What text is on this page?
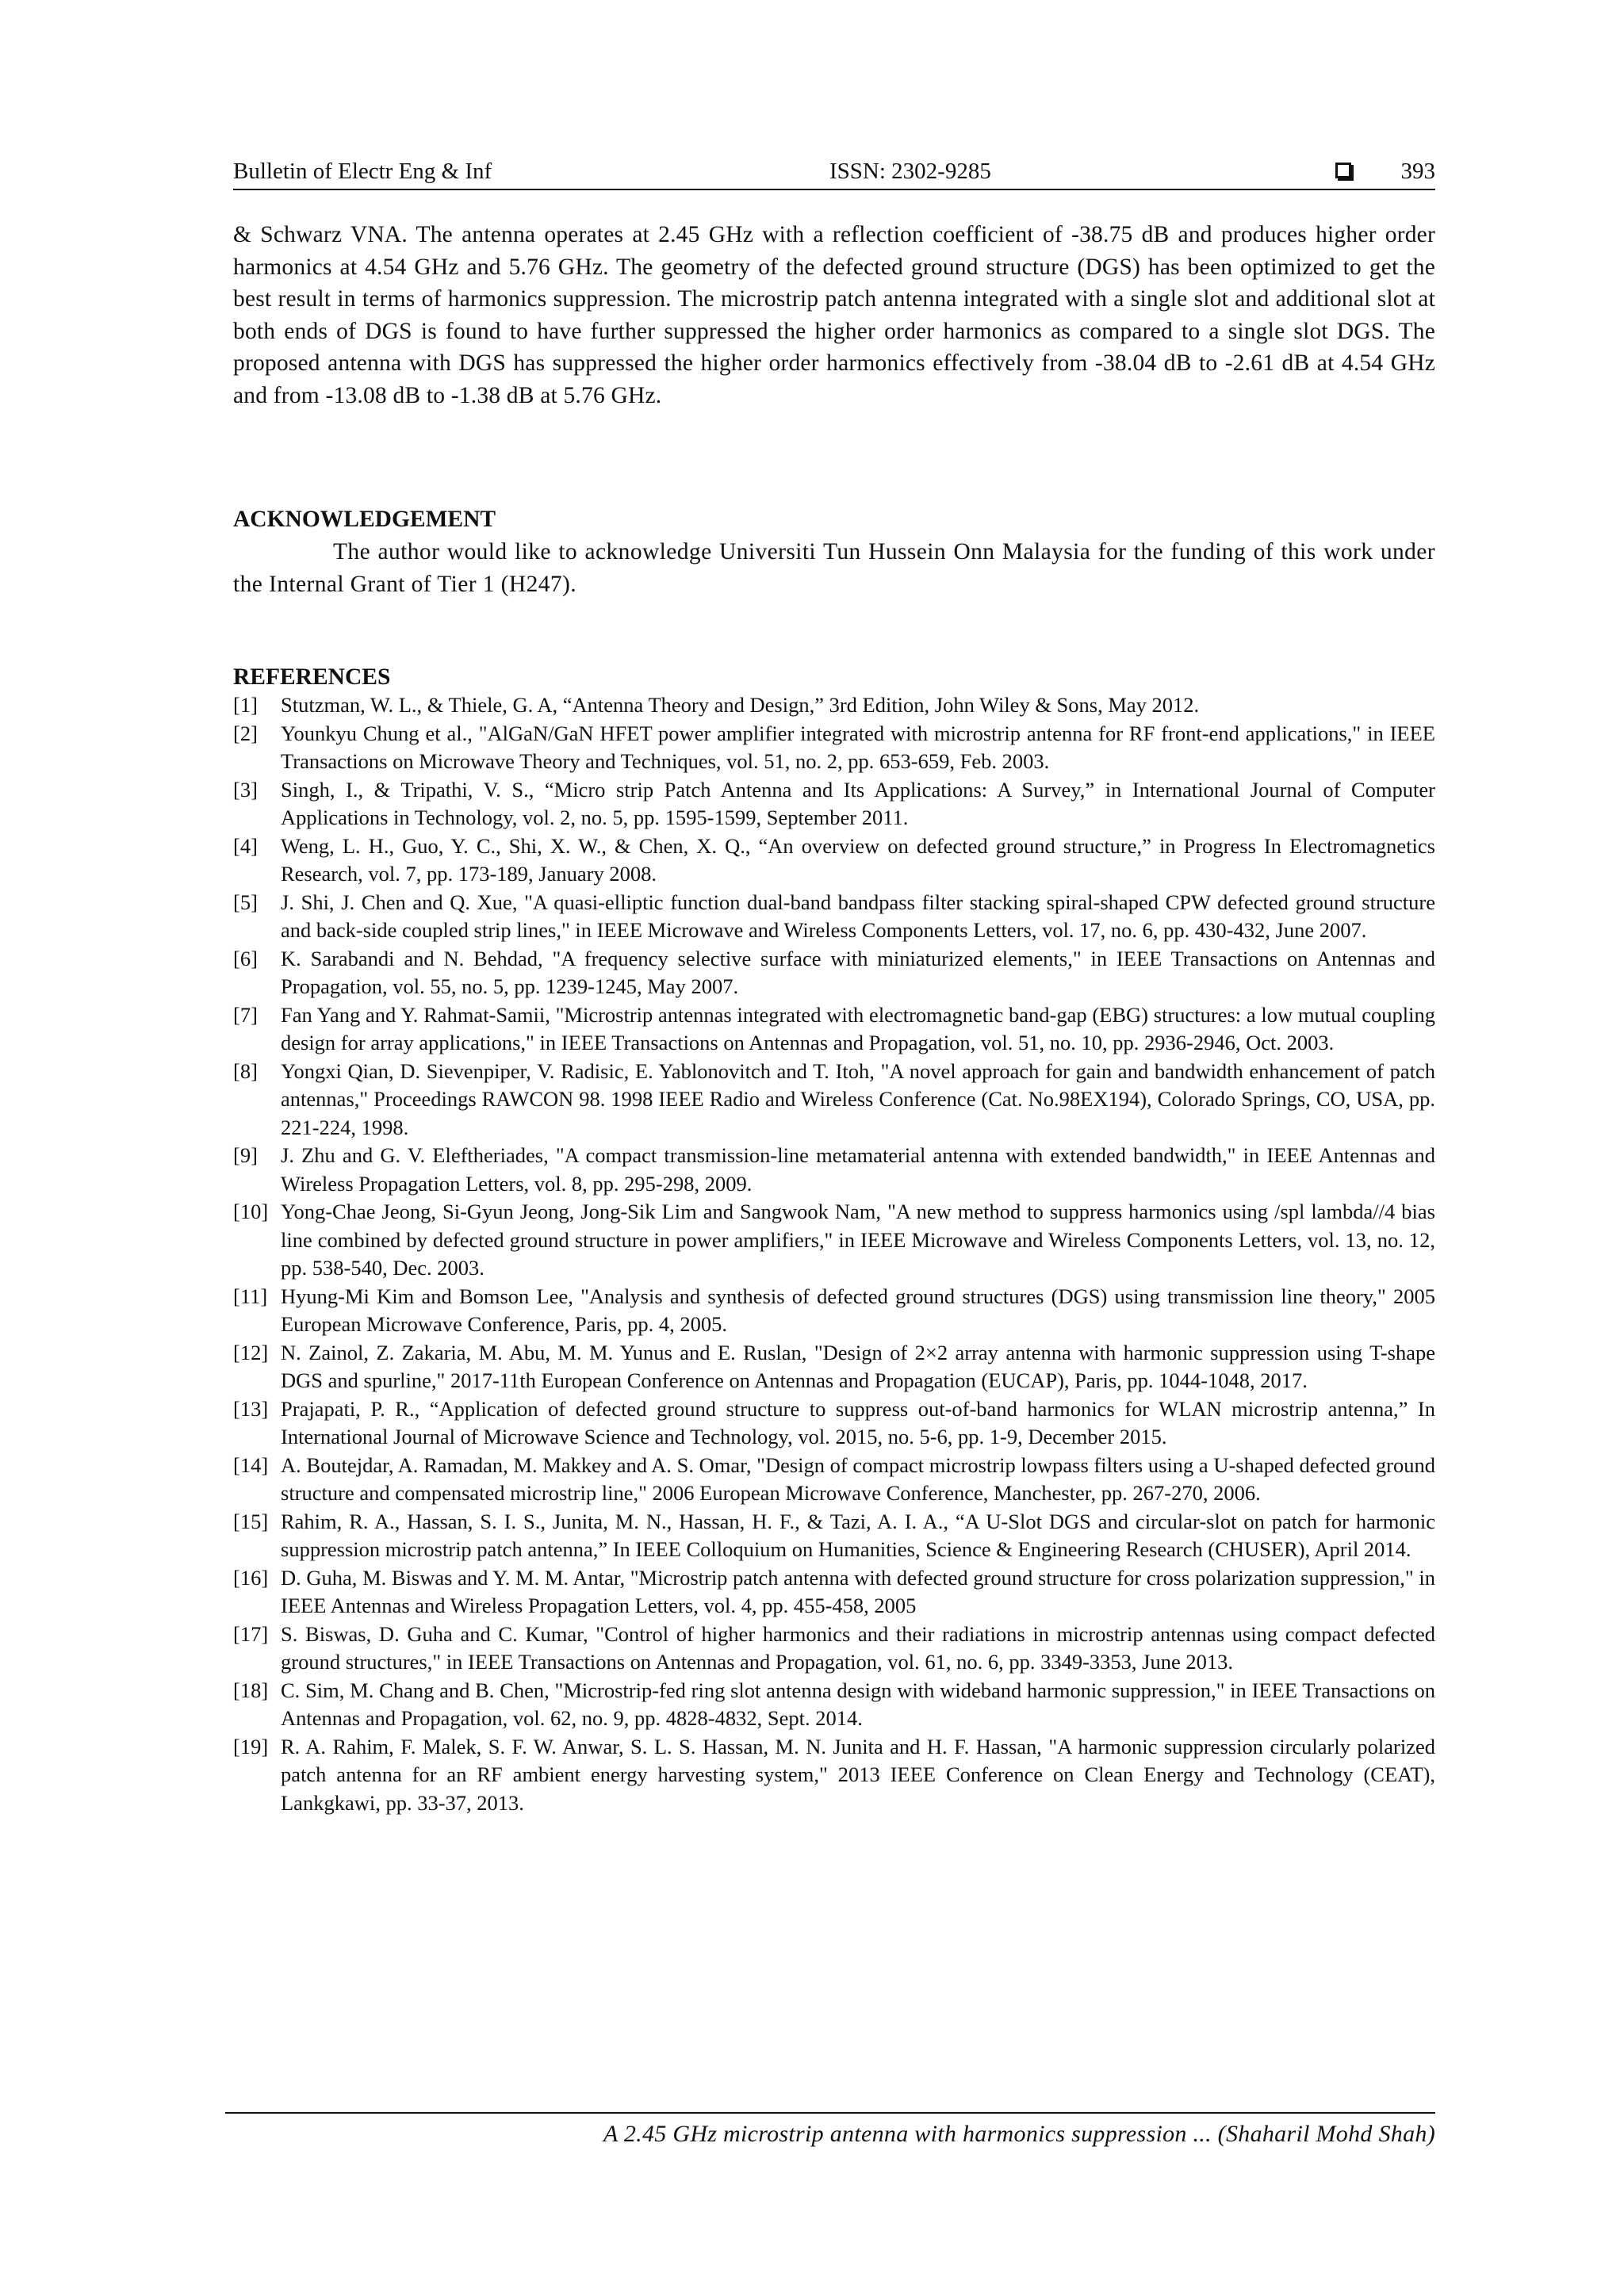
Bulletin of Electr Eng & Inf	ISSN: 2302-9285	393

& Schwarz VNA. The antenna operates at 2.45 GHz with a reflection coefficient of -38.75 dB and produces higher order harmonics at 4.54 GHz and 5.76 GHz. The geometry of the defected ground structure (DGS) has been optimized to get the best result in terms of harmonics suppression. The microstrip patch antenna integrated with a single slot and additional slot at both ends of DGS is found to have further suppressed the higher order harmonics as compared to a single slot DGS. The proposed antenna with DGS has suppressed the higher order harmonics effectively from -38.04 dB to -2.61 dB at 4.54 GHz and from -13.08 dB to -1.38 dB at 5.76 GHz.

ACKNOWLEDGEMENT

The author would like to acknowledge Universiti Tun Hussein Onn Malaysia for the funding of this work under the Internal Grant of Tier 1 (H247).

REFERENCES
[1] Stutzman, W. L., & Thiele, G. A, “Antenna Theory and Design,” 3rd Edition, John Wiley & Sons, May 2012.
[2] Younkyu Chung et al., "AlGaN/GaN HFET power amplifier integrated with microstrip antenna for RF front-end applications," in IEEE Transactions on Microwave Theory and Techniques, vol. 51, no. 2, pp. 653-659, Feb. 2003.
[3] Singh, I., & Tripathi, V. S., “Micro strip Patch Antenna and Its Applications: A Survey,” in International Journal of Computer Applications in Technology, vol. 2, no. 5, pp. 1595-1599, September 2011.
[4] Weng, L. H., Guo, Y. C., Shi, X. W., & Chen, X. Q., “An overview on defected ground structure,” in Progress In Electromagnetics Research, vol. 7, pp. 173-189, January 2008.
[5] J. Shi, J. Chen and Q. Xue, "A quasi-elliptic function dual-band bandpass filter stacking spiral-shaped CPW defected ground structure and back-side coupled strip lines," in IEEE Microwave and Wireless Components Letters, vol. 17, no. 6, pp. 430-432, June 2007.
[6] K. Sarabandi and N. Behdad, "A frequency selective surface with miniaturized elements," in IEEE Transactions on Antennas and Propagation, vol. 55, no. 5, pp. 1239-1245, May 2007.
[7] Fan Yang and Y. Rahmat-Samii, "Microstrip antennas integrated with electromagnetic band-gap (EBG) structures: a low mutual coupling design for array applications," in IEEE Transactions on Antennas and Propagation, vol. 51, no. 10, pp. 2936-2946, Oct. 2003.
[8] Yongxi Qian, D. Sievenpiper, V. Radisic, E. Yablonovitch and T. Itoh, "A novel approach for gain and bandwidth enhancement of patch antennas," Proceedings RAWCON 98. 1998 IEEE Radio and Wireless Conference (Cat. No.98EX194), Colorado Springs, CO, USA, pp. 221-224, 1998.
[9] J. Zhu and G. V. Eleftheriades, "A compact transmission-line metamaterial antenna with extended bandwidth," in IEEE Antennas and Wireless Propagation Letters, vol. 8, pp. 295-298, 2009.
[10] Yong-Chae Jeong, Si-Gyun Jeong, Jong-Sik Lim and Sangwook Nam, "A new method to suppress harmonics using /spl lambda//4 bias line combined by defected ground structure in power amplifiers," in IEEE Microwave and Wireless Components Letters, vol. 13, no. 12, pp. 538-540, Dec. 2003.
[11] Hyung-Mi Kim and Bomson Lee, "Analysis and synthesis of defected ground structures (DGS) using transmission line theory," 2005 European Microwave Conference, Paris, pp. 4, 2005.
[12] N. Zainol, Z. Zakaria, M. Abu, M. M. Yunus and E. Ruslan, "Design of 2×2 array antenna with harmonic suppression using T-shape DGS and spurline," 2017-11th European Conference on Antennas and Propagation (EUCAP), Paris, pp. 1044-1048, 2017.
[13] Prajapati, P. R., “Application of defected ground structure to suppress out-of-band harmonics for WLAN microstrip antenna,” In International Journal of Microwave Science and Technology, vol. 2015, no. 5-6, pp. 1-9, December 2015.
[14] A. Boutejdar, A. Ramadan, M. Makkey and A. S. Omar, "Design of compact microstrip lowpass filters using a U-shaped defected ground structure and compensated microstrip line," 2006 European Microwave Conference, Manchester, pp. 267-270, 2006.
[15] Rahim, R. A., Hassan, S. I. S., Junita, M. N., Hassan, H. F., & Tazi, A. I. A., “A U-Slot DGS and circular-slot on patch for harmonic suppression microstrip patch antenna,” In IEEE Colloquium on Humanities, Science & Engineering Research (CHUSER), April 2014.
[16] D. Guha, M. Biswas and Y. M. M. Antar, "Microstrip patch antenna with defected ground structure for cross polarization suppression," in IEEE Antennas and Wireless Propagation Letters, vol. 4, pp. 455-458, 2005
[17] S. Biswas, D. Guha and C. Kumar, "Control of higher harmonics and their radiations in microstrip antennas using compact defected ground structures," in IEEE Transactions on Antennas and Propagation, vol. 61, no. 6, pp. 3349-3353, June 2013.
[18] C. Sim, M. Chang and B. Chen, "Microstrip-fed ring slot antenna design with wideband harmonic suppression," in IEEE Transactions on Antennas and Propagation, vol. 62, no. 9, pp. 4828-4832, Sept. 2014.
[19] R. A. Rahim, F. Malek, S. F. W. Anwar, S. L. S. Hassan, M. N. Junita and H. F. Hassan, "A harmonic suppression circularly polarized patch antenna for an RF ambient energy harvesting system," 2013 IEEE Conference on Clean Energy and Technology (CEAT), Lankgkawi, pp. 33-37, 2013.
A 2.45 GHz microstrip antenna with harmonics suppression ... (Shaharil Mohd Shah)
